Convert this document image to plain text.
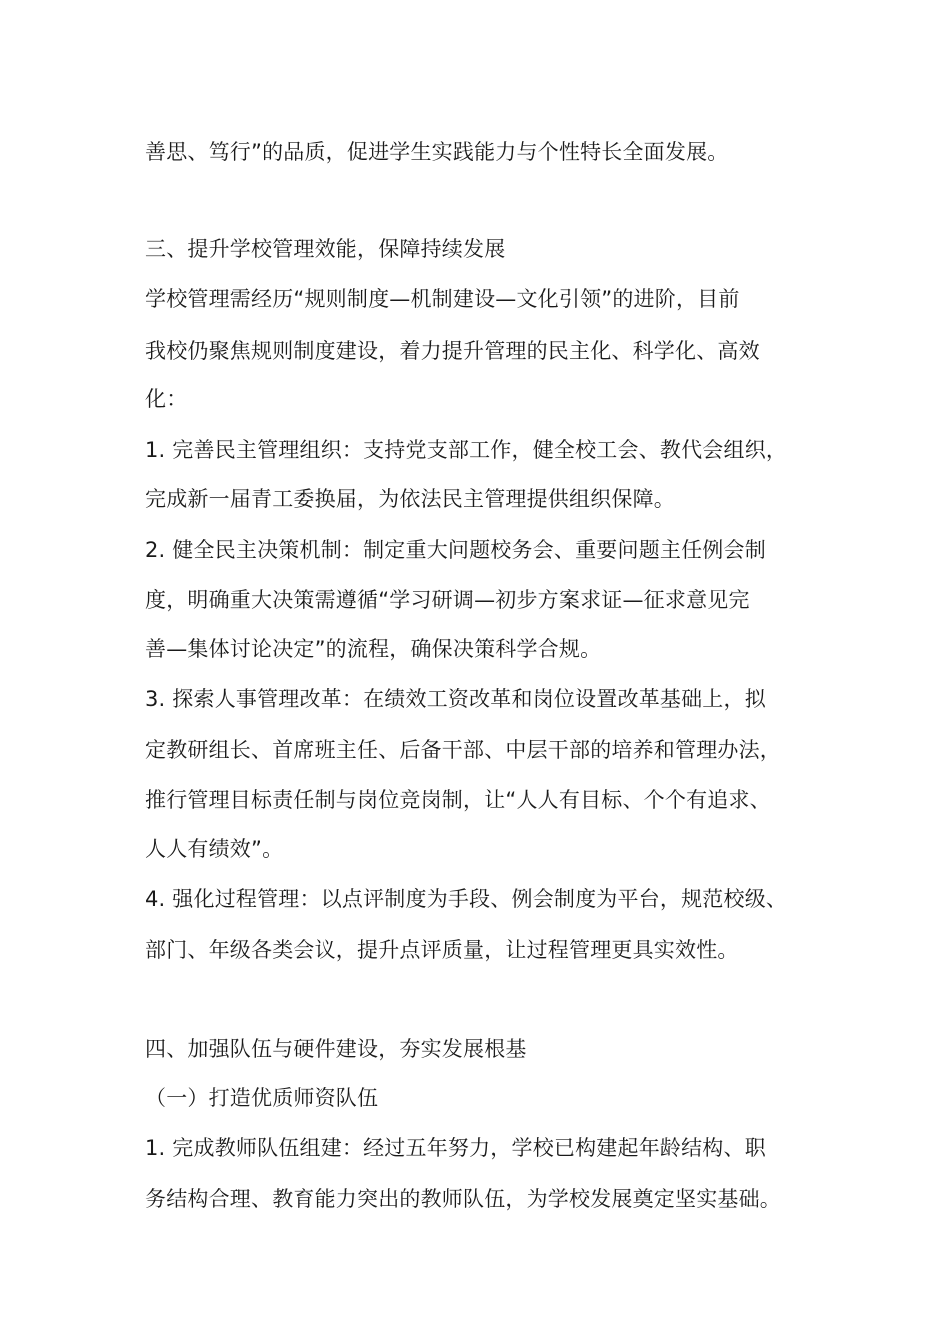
善思、笃行”的品质，促进学生实践能力与个性特长全面发展。
三、提升学校管理效能，保障持续发展
学校管理需经历“规则制度—机制建设—文化引领”的进阶，目前
我校仍聚焦规则制度建设，着力提升管理的民主化、科学化、高效
化：
1. 完善民主管理组织：支持党支部工作，健全校工会、教代会组织，
完成新一届青工委换届，为依法民主管理提供组织保障。
2. 健全民主决策机制：制定重大问题校务会、重要问题主任例会制
度，明确重大决策需遵循“学习研调—初步方案求证—征求意见完
善—集体讨论决定”的流程，确保决策科学合规。
3. 探索人事管理改革：在绩效工资改革和岗位设置改革基础上，拟
定教研组长、首席班主任、后备干部、中层干部的培养和管理办法，
推行管理目标责任制与岗位竞岗制，让“人人有目标、个个有追求、
人人有绩效”。
4. 强化过程管理：以点评制度为手段、例会制度为平台，规范校级、
部门、年级各类会议，提升点评质量，让过程管理更具实效性。
四、加强队伍与硬件建设，夯实发展根基
（一）打造优质师资队伍
1. 完成教师队伍组建：经过五年努力，学校已构建起年龄结构、职
务结构合理、教育能力突出的教师队伍，为学校发展奠定坚实基础。
